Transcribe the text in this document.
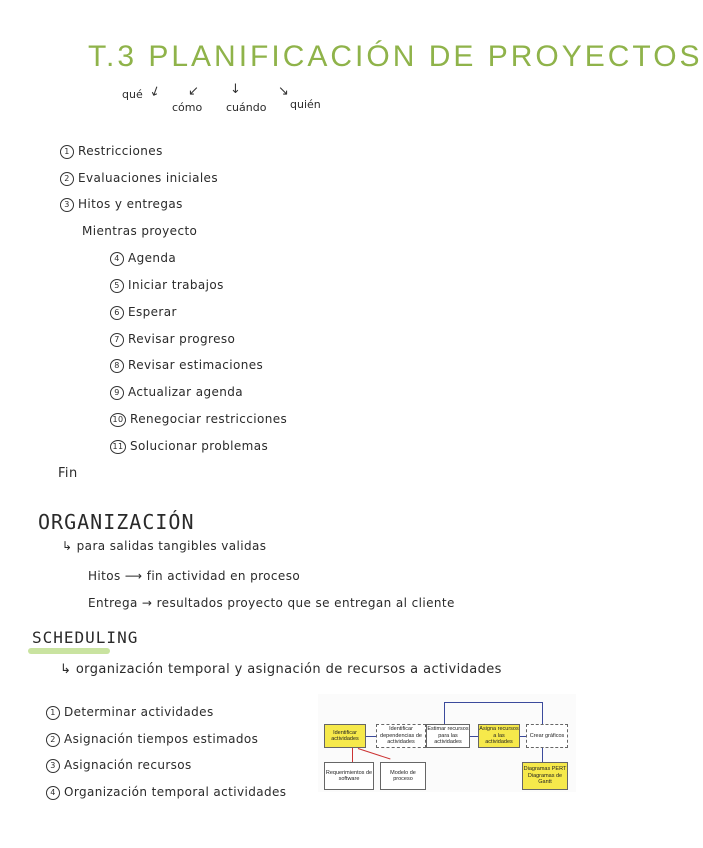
T.3 PLANIFICACIÓN DE PROYECTOS
↙
qué	↙
cómo
↓
cuándo
↘
quién
1 Restricciones
2 Evaluaciones iniciales
3 Hitos y entregas
Mientras proyecto
4 Agenda
5 Iniciar trabajos
6 Esperar
7 Revisar progreso
8 Revisar estimaciones
9 Actualizar agenda
10 Renegociar restricciones
11 Solucionar problemas
Fin
ORGANIZACIÓN
↳ para salidas tangibles validas
Hitos ⟶ fin actividad en proceso
Entrega → resultados proyecto que se entregan al cliente
SCHEDULING
↳ organización temporal y asignación de recursos a actividades
1 Determinar actividades
2 Asignación tiempos estimados
3 Asignación recursos
4 Organización temporal actividades
Identificar actividades
Identificar dependencias de actividades
Estimar recursos para las actividades
Asigna recursos a las actividades
Crear gráficos
Requerimientos de software
Modelo de proceso
Diagramas PERT Diagramas de Gantt
